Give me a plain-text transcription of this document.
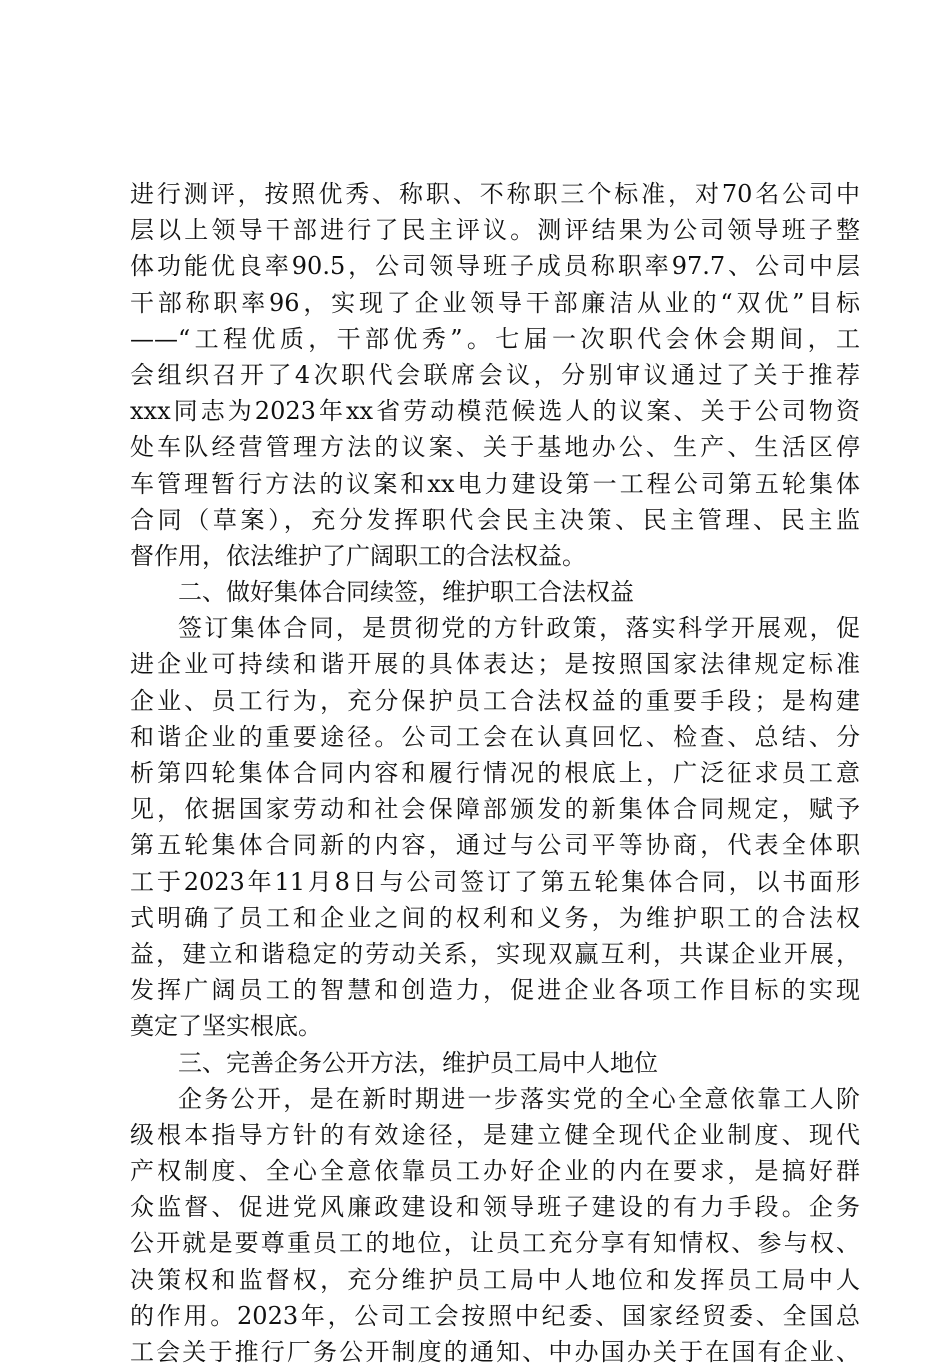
进行测评，按照优秀、称职、不称职三个标准，对70名公司中
层以上领导干部进行了民主评议。测评结果为公司领导班子整
体功能优良率90.5，公司领导班子成员称职率97.7、公司中层
干部称职率96，实现了企业领导干部廉洁从业的“双优”目标
——“工程优质，干部优秀”。七届一次职代会休会期间，工
会组织召开了4次职代会联席会议，分别审议通过了关于推荐
xxx同志为2023年xx省劳动模范候选人的议案、关于公司物资
处车队经营管理方法的议案、关于基地办公、生产、生活区停
车管理暂行方法的议案和xx电力建设第一工程公司第五轮集体
合同（草案），充分发挥职代会民主决策、民主管理、民主监
督作用，依法维护了广阔职工的合法权益。
二、做好集体合同续签，维护职工合法权益
签订集体合同，是贯彻党的方针政策，落实科学开展观，促
进企业可持续和谐开展的具体表达；是按照国家法律规定标准
企业、员工行为，充分保护员工合法权益的重要手段；是构建
和谐企业的重要途径。公司工会在认真回忆、检查、总结、分
析第四轮集体合同内容和履行情况的根底上，广泛征求员工意
见，依据国家劳动和社会保障部颁发的新集体合同规定，赋予
第五轮集体合同新的内容，通过与公司平等协商，代表全体职
工于2023年11月8日与公司签订了第五轮集体合同，以书面形
式明确了员工和企业之间的权利和义务，为维护职工的合法权
益，建立和谐稳定的劳动关系，实现双赢互利，共谋企业开展，
发挥广阔员工的智慧和创造力，促进企业各项工作目标的实现
奠定了坚实根底。
三、完善企务公开方法，维护员工局中人地位
企务公开，是在新时期进一步落实党的全心全意依靠工人阶
级根本指导方针的有效途径，是建立健全现代企业制度、现代
产权制度、全心全意依靠员工办好企业的内在要求，是搞好群
众监督、促进党风廉政建设和领导班子建设的有力手段。企务
公开就是要尊重员工的地位，让员工充分享有知情权、参与权、
决策权和监督权，充分维护员工局中人地位和发挥员工局中人
的作用。2023年，公司工会按照中纪委、国家经贸委、全国总
工会关于推行厂务公开制度的通知、中办国办关于在国有企业、
